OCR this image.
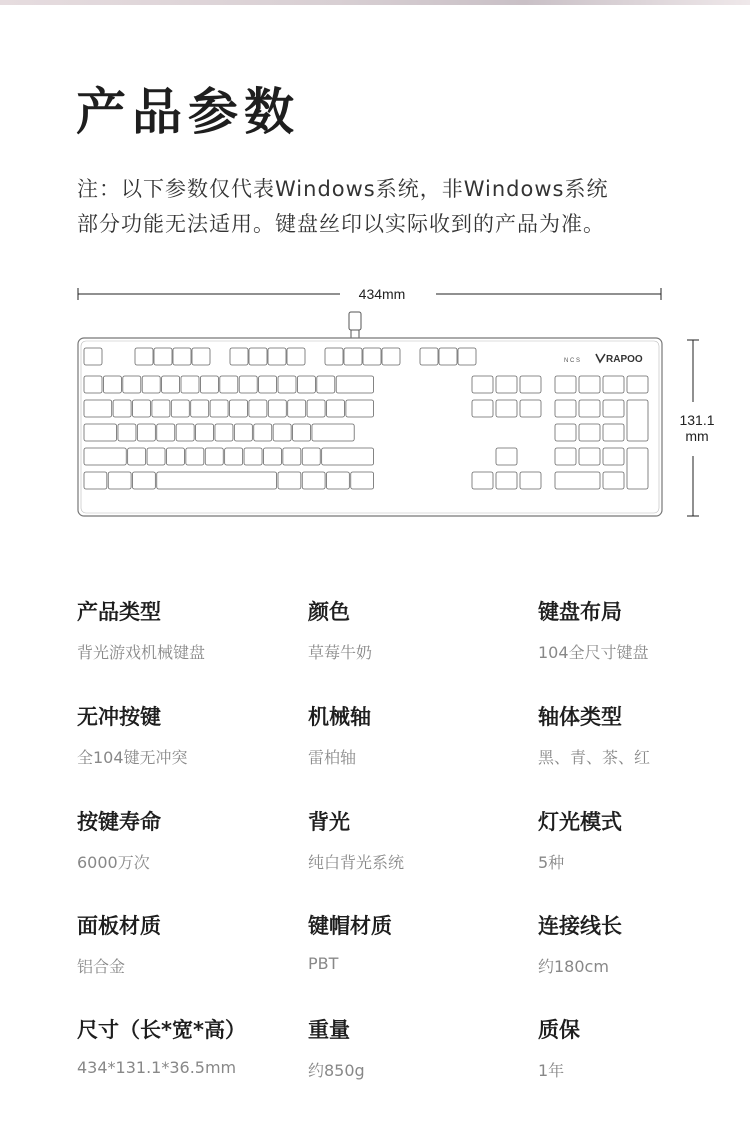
产品参数
注：以下参数仅代表Windows系统，非Windows系统
部分功能无法适用。键盘丝印以实际收到的产品为准。
N C S	RAPOO
434mm
131.1
mm
产品类型
背光游戏机械键盘
颜色
草莓牛奶
键盘布局
104全尺寸键盘
无冲按键
全104键无冲突
机械轴
雷柏轴
轴体类型
黑、青、茶、红
按键寿命
6000万次
背光
纯白背光系统
灯光模式
5种
面板材质
铝合金
键帽材质
PBT
连接线长
约180cm
尺寸（长*宽*高）
434*131.1*36.5mm
重量
约850g
质保
1年
